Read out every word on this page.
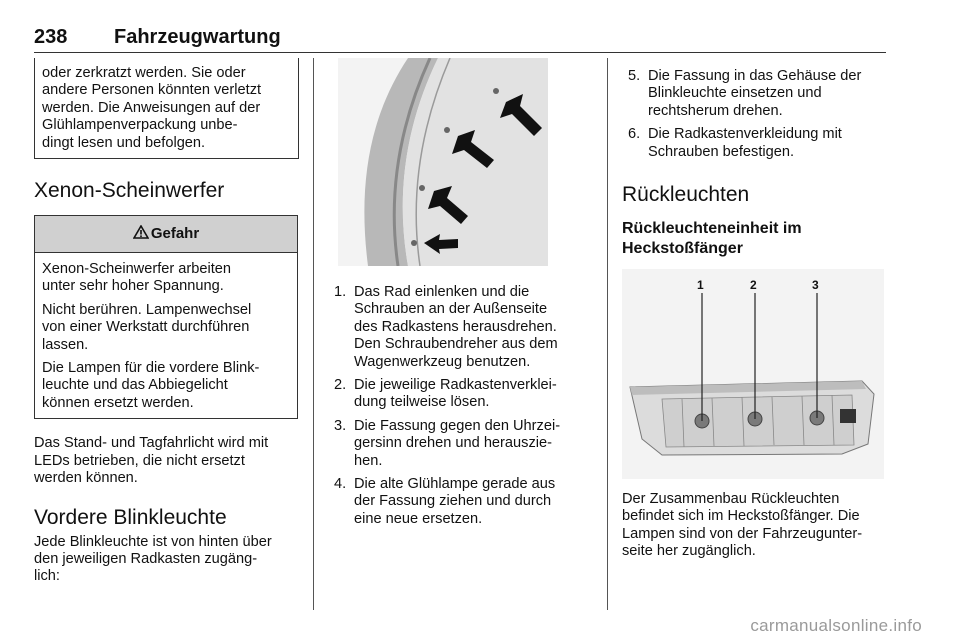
238 Fahrzeugwartung

oder zerkratzt werden. Sie oder
andere Personen könnten verletzt
werden. Die Anweisungen auf der
Glühlampenverpackung unbe-
dingt lesen und befolgen.

Xenon-Scheinwerfer
Gefahr

Xenon-Scheinwerfer arbeiten
unter sehr hoher Spannung.

Nicht berühren. Lampenwechsel
von einer Werkstatt durchführen
lassen.

Die Lampen für die vordere Blink-
leuchte und das Abbiegelicht
können ersetzt werden.

Das Stand- und Tagfahrlicht wird mit
LEDs betrieben, die nicht ersetzt
werden können.

Vordere Blinkleuchte

Jede Blinkleuchte ist von hinten über
den jeweiligen Radkasten zugäng-
lich:

1. Das Rad einlenken und die
Schrauben an der Außenseite
des Radkastens herausdrehen.
Den Schraubendreher aus dem
Wagenwerkzeug benutzen.
2. Die jeweilige Radkastenverklei-
dung teilweise lösen.
3. Die Fassung gegen den Uhrzei-
gersinn drehen und herauszie-
hen.
4. Die alte Glühlampe gerade aus
der Fassung ziehen und durch
eine neue ersetzen.
5. Die Fassung in das Gehäuse der
Blinkleuchte einsetzen und
rechtsherum drehen.
6. Die Radkastenverkleidung mit
Schrauben befestigen.
Rückleuchten
Rückleuchteneinheit im
Heckstoßfänger
1	2	3

Der Zusammenbau Rückleuchten
befindet sich im Heckstoßfänger. Die
Lampen sind von der Fahrzeugunter-
seite her zugänglich.

carmanualsonline.info
